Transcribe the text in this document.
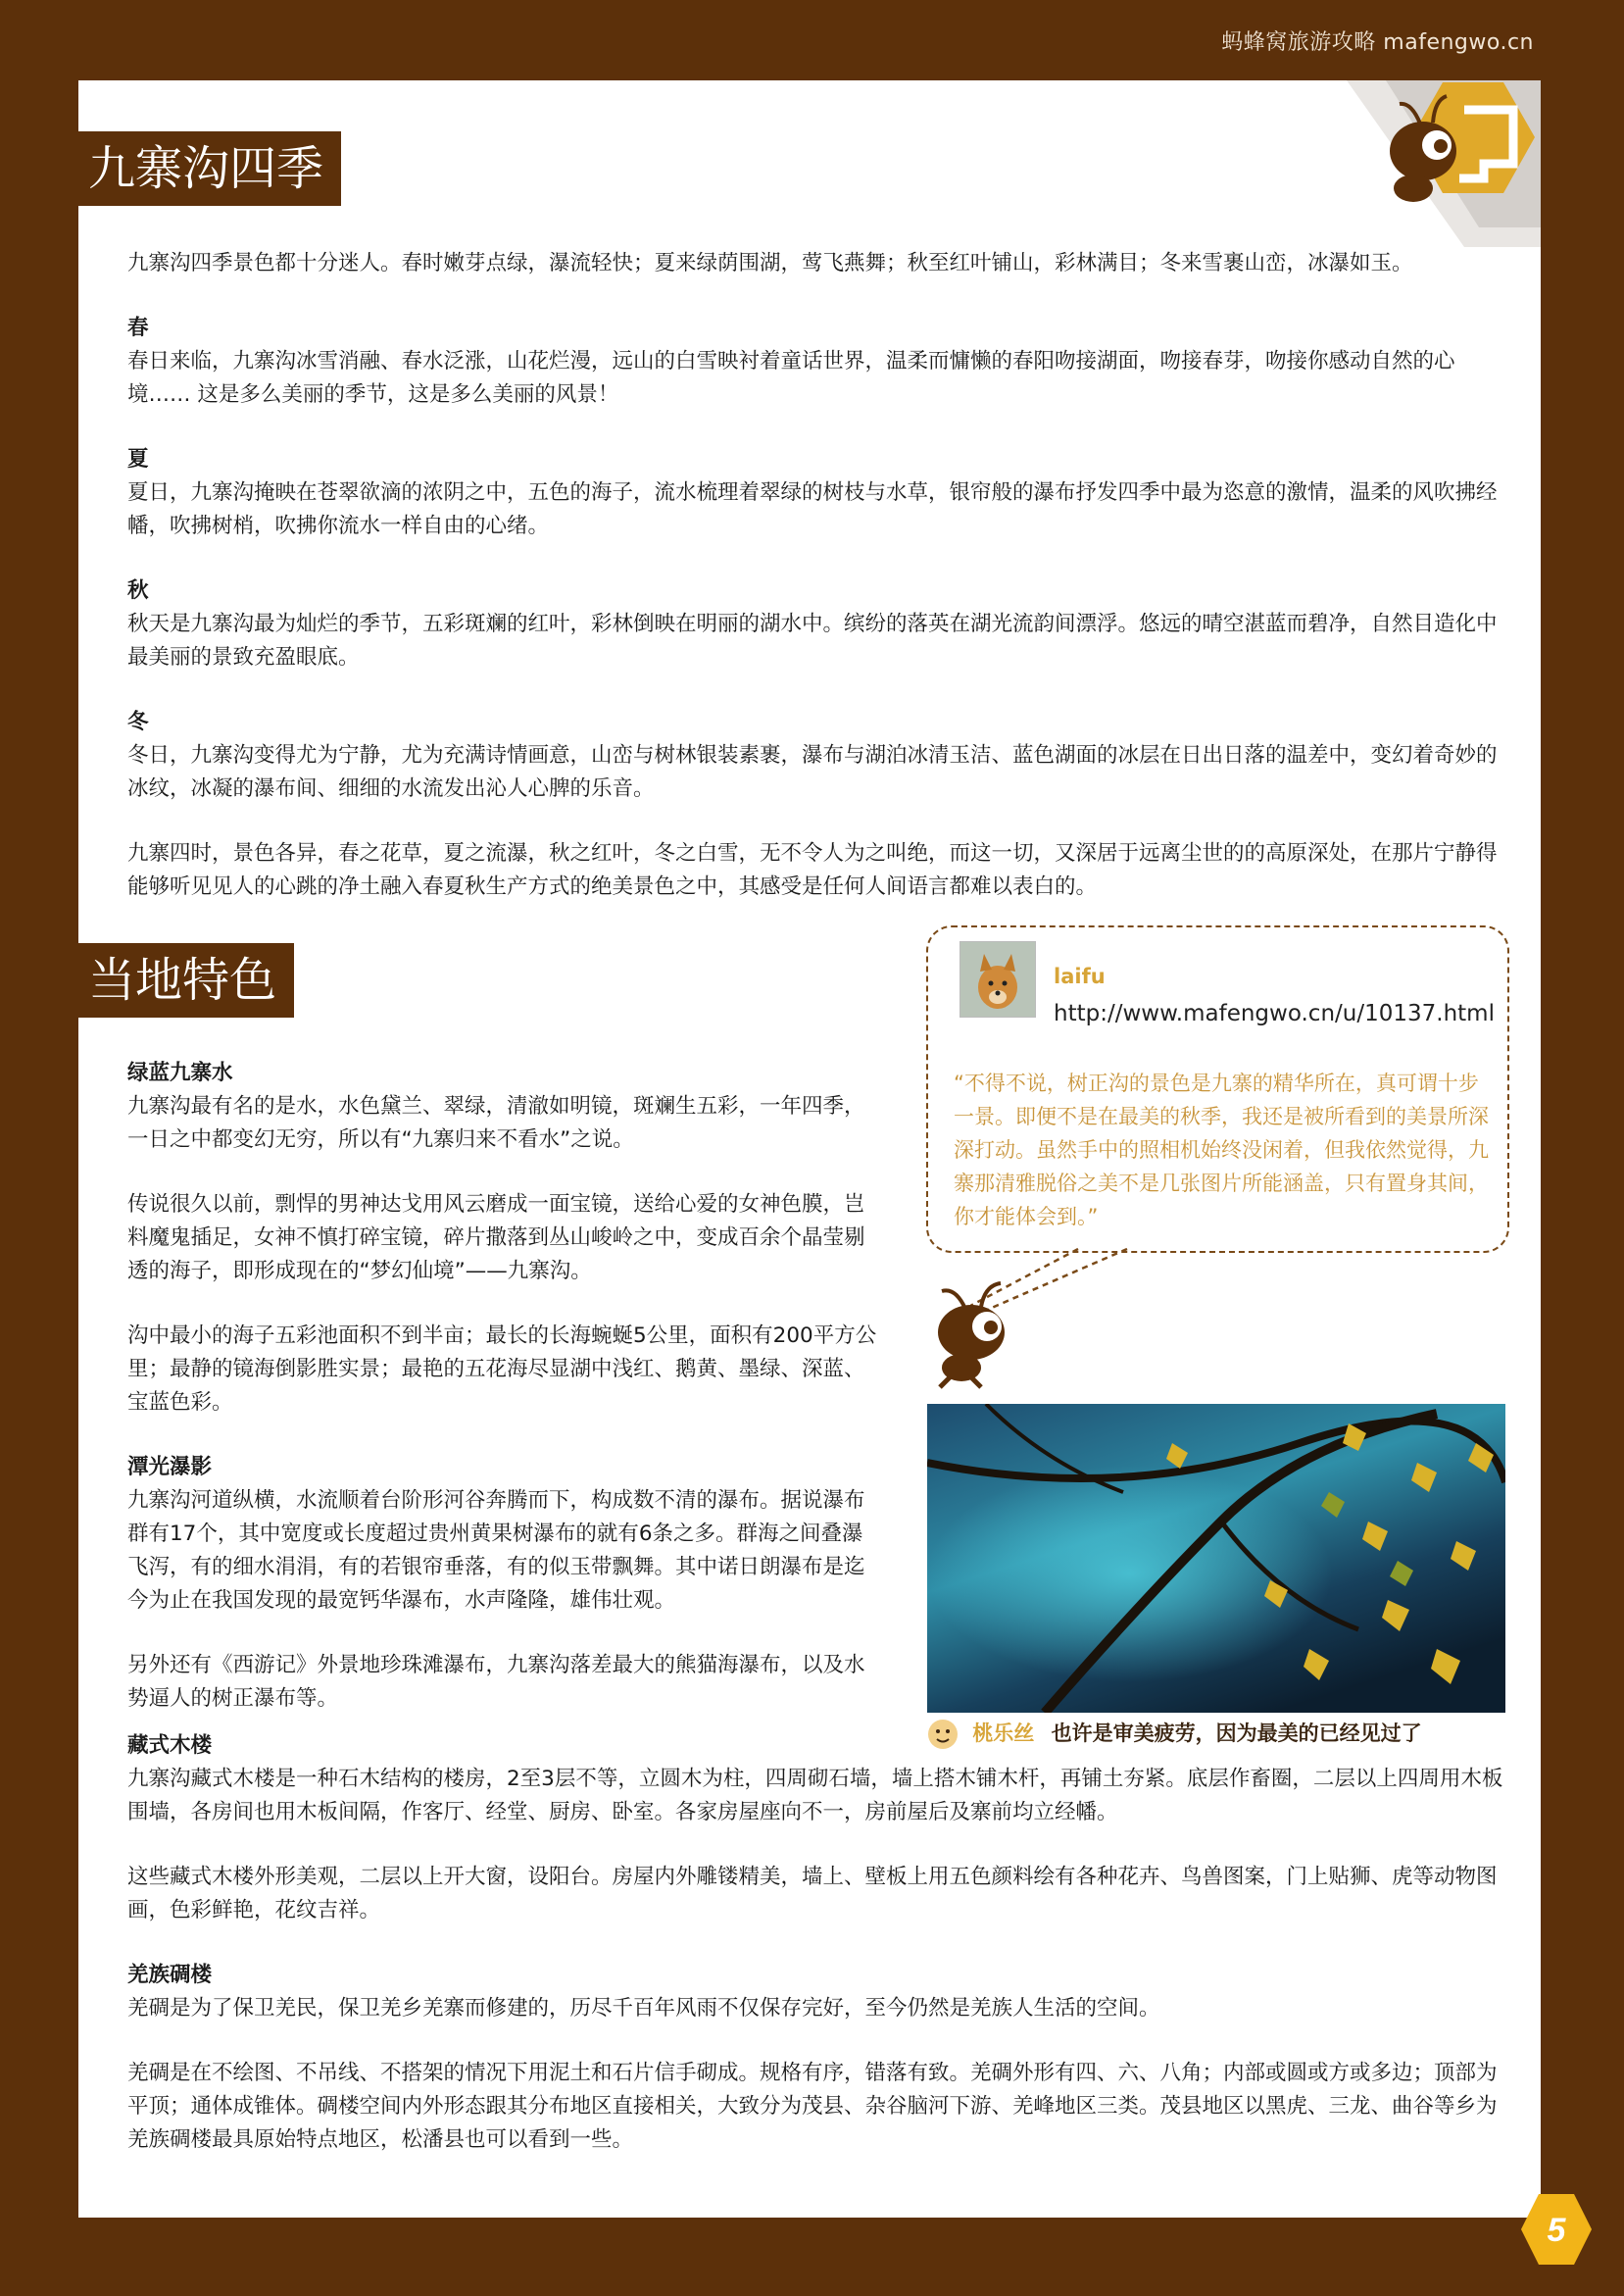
蚂蜂窝旅游攻略 mafengwo.cn
九寨沟四季

九寨沟四季景色都十分迷人。春时嫩芽点绿，瀑流轻快；夏来绿荫围湖，莺飞燕舞；秋至红叶铺山，彩林满目；冬来雪裹山峦，冰瀑如玉。

春

春日来临，九寨沟冰雪消融、春水泛涨，山花烂漫，远山的白雪映衬着童话世界，温柔而慵懒的春阳吻接湖面，吻接春芽，吻接你感动自然的心境…… 这是多么美丽的季节，这是多么美丽的风景！

夏

夏日，九寨沟掩映在苍翠欲滴的浓阴之中，五色的海子，流水梳理着翠绿的树枝与水草，银帘般的瀑布抒发四季中最为恣意的激情，温柔的风吹拂经幡，吹拂树梢，吹拂你流水一样自由的心绪。

秋

秋天是九寨沟最为灿烂的季节，五彩斑斓的红叶，彩林倒映在明丽的湖水中。缤纷的落英在湖光流韵间漂浮。悠远的晴空湛蓝而碧净，自然目造化中最美丽的景致充盈眼底。

冬

冬日，九寨沟变得尤为宁静，尤为充满诗情画意，山峦与树林银装素裹，瀑布与湖泊冰清玉洁、蓝色湖面的冰层在日出日落的温差中，变幻着奇妙的冰纹，冰凝的瀑布间、细细的水流发出沁人心脾的乐音。

九寨四时，景色各异，春之花草，夏之流瀑，秋之红叶，冬之白雪，无不令人为之叫绝，而这一切，又深居于远离尘世的的高原深处，在那片宁静得能够听见见人的心跳的净土融入春夏秋生产方式的绝美景色之中，其感受是任何人间语言都难以表白的。

当地特色

绿蓝九寨水

九寨沟最有名的是水，水色黛兰、翠绿，清澈如明镜，斑斓生五彩，一年四季，一日之中都变幻无穷，所以有“九寨归来不看水”之说。

传说很久以前，剽悍的男神达戈用风云磨成一面宝镜，送给心爱的女神色膜，岂料魔鬼插足，女神不慎打碎宝镜，碎片撒落到丛山峻岭之中，变成百余个晶莹剔透的海子，即形成现在的“梦幻仙境”——九寨沟。

沟中最小的海子五彩池面积不到半亩；最长的长海蜿蜒5公里，面积有200平方公里；最静的镜海倒影胜实景；最艳的五花海尽显湖中浅红、鹅黄、墨绿、深蓝、宝蓝色彩。

潭光瀑影

九寨沟河道纵横，水流顺着台阶形河谷奔腾而下，构成数不清的瀑布。据说瀑布群有17个，其中宽度或长度超过贵州黄果树瀑布的就有6条之多。群海之间叠瀑飞泻，有的细水涓涓，有的若银帘垂落，有的似玉带飘舞。其中诺日朗瀑布是迄今为止在我国发现的最宽钙华瀑布，水声隆隆，雄伟壮观。

另外还有《西游记》外景地珍珠滩瀑布，九寨沟落差最大的熊猫海瀑布，以及水势逼人的树正瀑布等。

藏式木楼

九寨沟藏式木楼是一种石木结构的楼房，2至3层不等，立圆木为柱，四周砌石墙，墙上搭木铺木杆，再铺土夯紧。底层作畜圈，二层以上四周用木板围墙，各房间也用木板间隔，作客厅、经堂、厨房、卧室。各家房屋座向不一，房前屋后及寨前均立经幡。

这些藏式木楼外形美观，二层以上开大窗，设阳台。房屋内外雕镂精美，墙上、壁板上用五色颜料绘有各种花卉、鸟兽图案，门上贴狮、虎等动物图画，色彩鲜艳，花纹吉祥。

羌族碉楼

羌碉是为了保卫羌民，保卫羌乡羌寨而修建的，历尽千百年风雨不仅保存完好，至今仍然是羌族人生活的空间。

羌碉是在不绘图、不吊线、不搭架的情况下用泥土和石片信手砌成。规格有序，错落有致。羌碉外形有四、六、八角；内部或圆或方或多边；顶部为平顶；通体成锥体。碉楼空间内外形态跟其分布地区直接相关，大致分为茂县、杂谷脑河下游、羌峰地区三类。茂县地区以黑虎、三龙、曲谷等乡为羌族碉楼最具原始特点地区，松潘县也可以看到一些。

laifu
http://www.mafengwo.cn/u/10137.html
“不得不说，树正沟的景色是九寨的精华所在，真可谓十步一景。即便不是在最美的秋季，我还是被所看到的美景所深深打动。虽然手中的照相机始终没闲着，但我依然觉得，九寨那清雅脱俗之美不是几张图片所能涵盖，只有置身其间，你才能体会到。”
桃乐丝 也许是审美疲劳，因为最美的已经见过了
5
